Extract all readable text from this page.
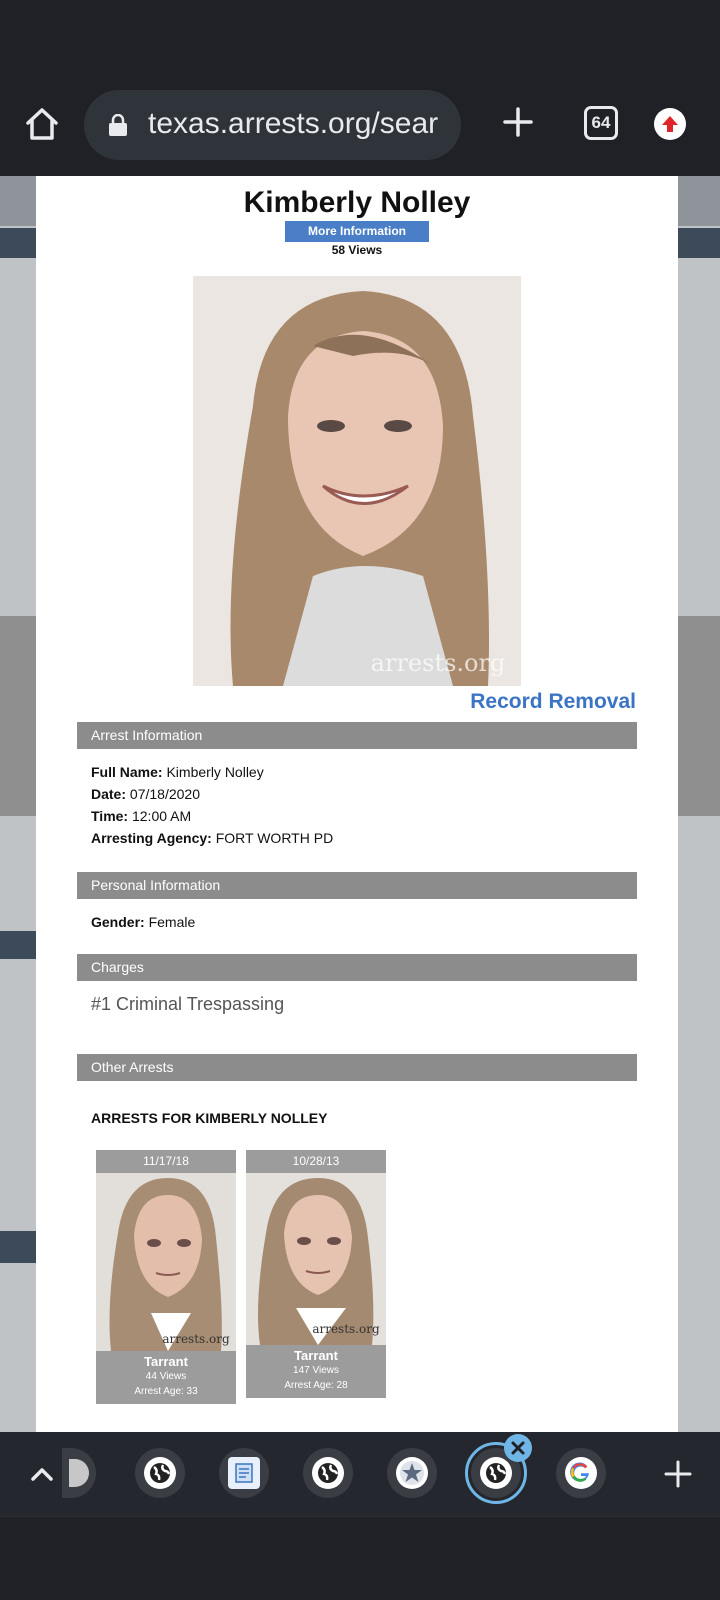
texas.arrests.org/sear	64
Kimberly Nolley
More Information
58 Views
arrests.org
Record Removal
Arrest Information
Full Name: Kimberly Nolley
Date: 07/18/2020
Time: 12:00 AM
Arresting Agency: FORT WORTH PD
Personal Information
Gender: Female
Charges
#1 Criminal Trespassing
Other Arrests
ARRESTS FOR KIMBERLY NOLLEY
11/17/18
arrests.org
Tarrant
44 Views
Arrest Age: 33
10/28/13
arrests.org
Tarrant
147 Views
Arrest Age: 28
